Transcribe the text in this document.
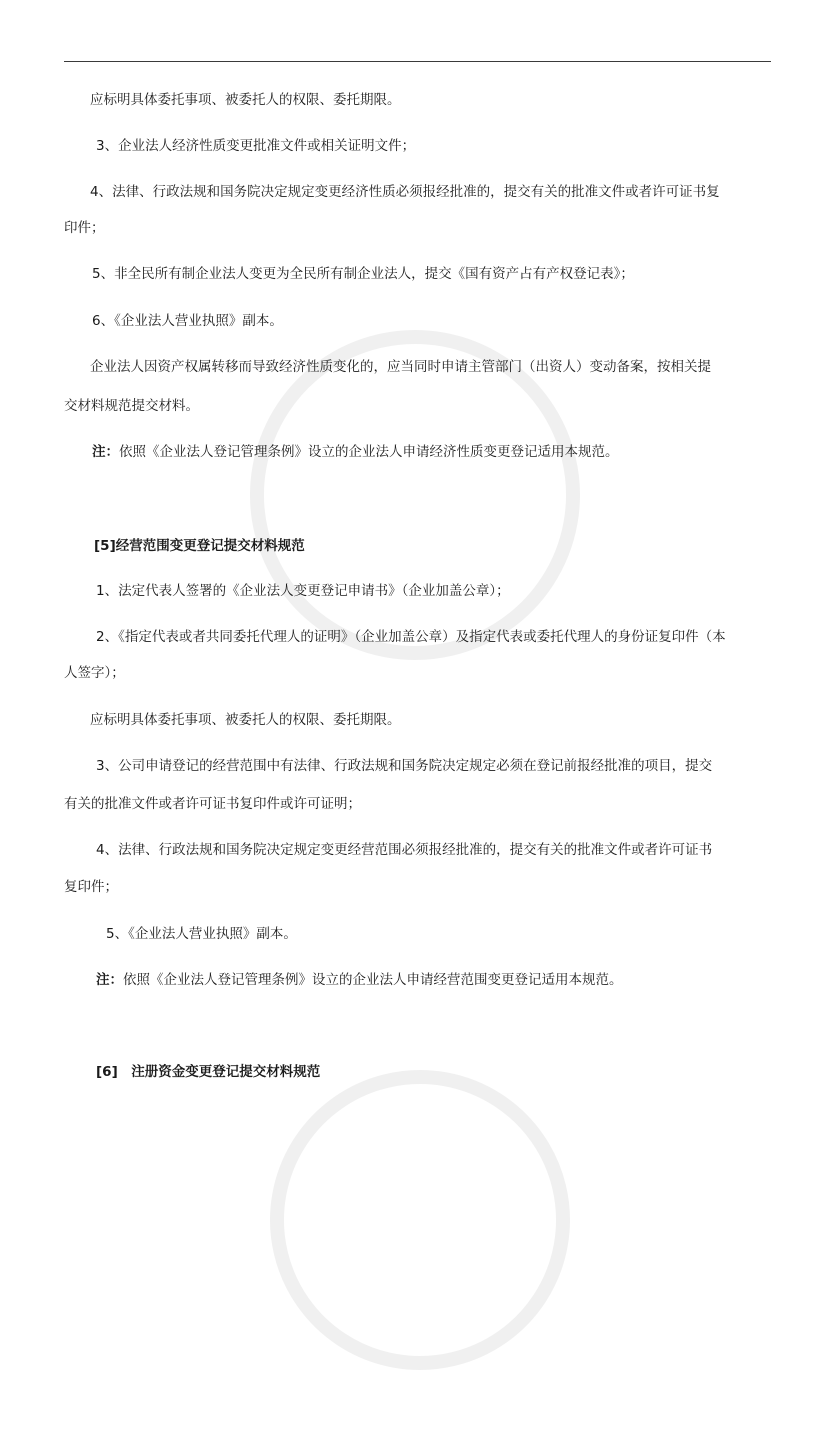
应标明具体委托事项、被委托人的权限、委托期限。
3、企业法人经济性质变更批准文件或相关证明文件；
4、法律、行政法规和国务院决定规定变更经济性质必须报经批准的，提交有关的批准文件或者许可证书复
印件；
5、非全民所有制企业法人变更为全民所有制企业法人，提交《国有资产占有产权登记表》；
6、《企业法人营业执照》副本。
企业法人因资产权属转移而导致经济性质变化的，应当同时申请主管部门（出资人）变动备案，按相关提
交材料规范提交材料。
注：依照《企业法人登记管理条例》设立的企业法人申请经济性质变更登记适用本规范。
[5]经营范围变更登记提交材料规范
1、法定代表人签署的《企业法人变更登记申请书》（企业加盖公章）；
2、《指定代表或者共同委托代理人的证明》（企业加盖公章）及指定代表或委托代理人的身份证复印件（本
人签字）；
应标明具体委托事项、被委托人的权限、委托期限。
3、公司申请登记的经营范围中有法律、行政法规和国务院决定规定必须在登记前报经批准的项目，提交
有关的批准文件或者许可证书复印件或许可证明；
4、法律、行政法规和国务院决定规定变更经营范围必须报经批准的，提交有关的批准文件或者许可证书
复印件；
5、《企业法人营业执照》副本。
注：依照《企业法人登记管理条例》设立的企业法人申请经营范围变更登记适用本规范。
[6]　注册资金变更登记提交材料规范
